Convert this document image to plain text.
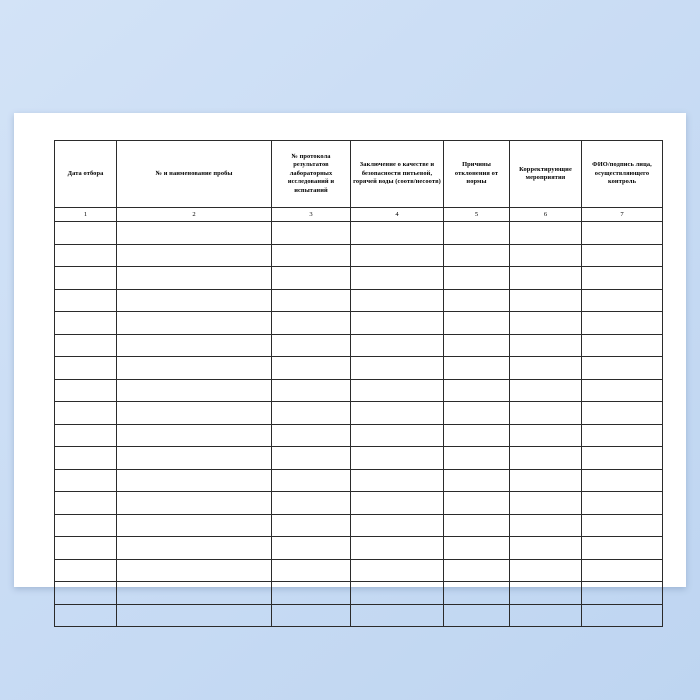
Дата отбора	№ и наименование пробы	№ протокола результатов лабораторных исследований и испытаний	Заключение о качестве и безопасности питьевой, горячей воды (соотв/несоотв)	Причины отклонения от нормы	Корректирующие мероприятия	ФИО/подпись лица, осуществляющего контроль
1	2	3	4	5	6	7
